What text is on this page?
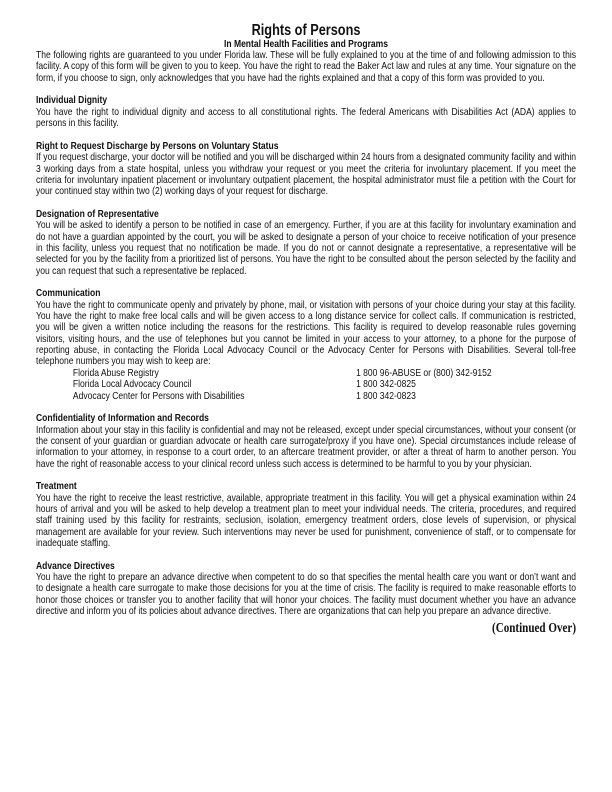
Rights of Persons
In Mental Health Facilities and Programs

The following rights are guaranteed to you under Florida law. These will be fully explained to you at the time of and following admission to this facility. A copy of this form will be given to you to keep. You have the right to read the Baker Act law and rules at any time. Your signature on the form, if you choose to sign, only acknowledges that you have had the rights explained and that a copy of this form was provided to you.

Individual Dignity

You have the right to individual dignity and access to all constitutional rights. The federal Americans with Disabilities Act (ADA) applies to persons in this facility.

Right to Request Discharge by Persons on Voluntary Status

If you request discharge, your doctor will be notified and you will be discharged within 24 hours from a designated community facility and within 3 working days from a state hospital, unless you withdraw your request or you meet the criteria for involuntary placement. If you meet the criteria for involuntary inpatient placement or involuntary outpatient placement, the hospital administrator must file a petition with the Court for your continued stay within two (2) working days of your request for discharge.

Designation of Representative

You will be asked to identify a person to be notified in case of an emergency. Further, if you are at this facility for involuntary examination and do not have a guardian appointed by the court, you will be asked to designate a person of your choice to receive notification of your presence in this facility, unless you request that no notification be made. If you do not or cannot designate a representative, a representative will be selected for you by the facility from a prioritized list of persons. You have the right to be consulted about the person selected by the facility and you can request that such a representative be replaced.

Communication

You have the right to communicate openly and privately by phone, mail, or visitation with persons of your choice during your stay at this facility. You have the right to make free local calls and will be given access to a long distance service for collect calls. If communication is restricted, you will be given a written notice including the reasons for the restrictions. This facility is required to develop reasonable rules governing visitors, visiting hours, and the use of telephones but you cannot be limited in your access to your attorney, to a phone for the purpose of reporting abuse, in contacting the Florida Local Advocacy Council or the Advocacy Center for Persons with Disabilities. Several toll-free telephone numbers you may wish to keep are:

Florida Abuse Registry	1 800 96-ABUSE or (800) 342-9152
Florida Local Advocacy Council	1 800 342-0825
Advocacy Center for Persons with Disabilities	1 800 342-0823
Confidentiality of Information and Records

Information about your stay in this facility is confidential and may not be released, except under special circumstances, without your consent (or the consent of your guardian or guardian advocate or health care surrogate/proxy if you have one). Special circumstances include release of information to your attorney, in response to a court order, to an aftercare treatment provider, or after a threat of harm to another person. You have the right of reasonable access to your clinical record unless such access is determined to be harmful to you by your physician.

Treatment

You have the right to receive the least restrictive, available, appropriate treatment in this facility. You will get a physical examination within 24 hours of arrival and you will be asked to help develop a treatment plan to meet your individual needs. The criteria, procedures, and required staff training used by this facility for restraints, seclusion, isolation, emergency treatment orders, close levels of supervision, or physical management are available for your review. Such interventions may never be used for punishment, convenience of staff, or to compensate for inadequate staffing.

Advance Directives

You have the right to prepare an advance directive when competent to do so that specifies the mental health care you want or don’t want and to designate a health care surrogate to make those decisions for you at the time of crisis. The facility is required to make reasonable efforts to honor those choices or transfer you to another facility that will honor your choices. The facility must document whether you have an advance directive and inform you of its policies about advance directives. There are organizations that can help you prepare an advance directive.

(Continued Over)
